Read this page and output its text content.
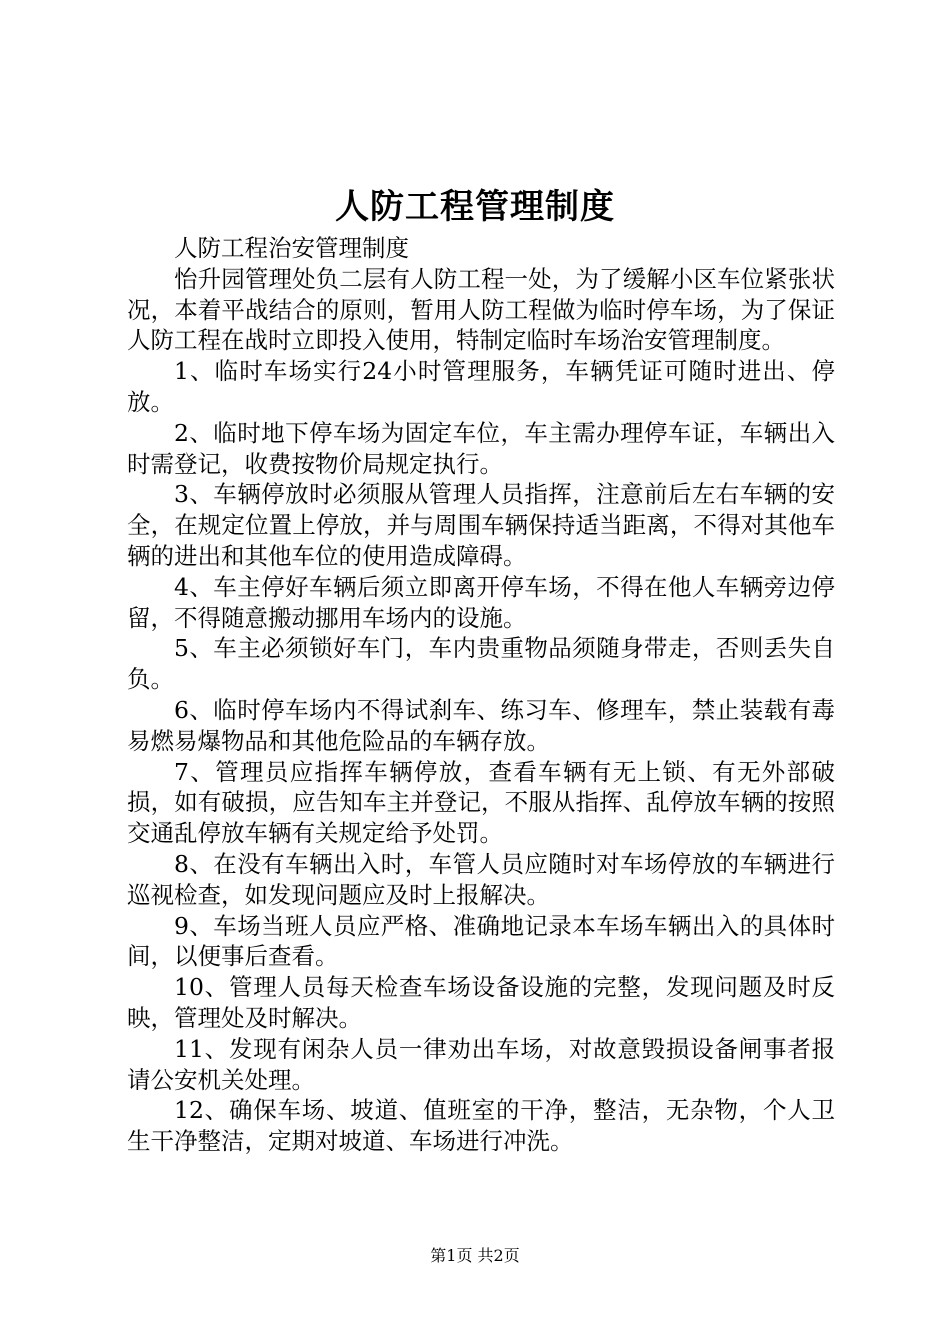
人防工程管理制度

人防工程治安管理制度

怡升园管理处负二层有人防工程一处，为了缓解小区车位紧张状况，本着平战结合的原则，暂用人防工程做为临时停车场，为了保证人防工程在战时立即投入使用，特制定临时车场治安管理制度。

1、临时车场实行24小时管理服务，车辆凭证可随时进出、停放。

2、临时地下停车场为固定车位，车主需办理停车证，车辆出入时需登记，收费按物价局规定执行。

3、车辆停放时必须服从管理人员指挥，注意前后左右车辆的安全，在规定位置上停放，并与周围车辆保持适当距离，不得对其他车辆的进出和其他车位的使用造成障碍。

4、车主停好车辆后须立即离开停车场，不得在他人车辆旁边停留，不得随意搬动挪用车场内的设施。

5、车主必须锁好车门，车内贵重物品须随身带走，否则丢失自负。

6、临时停车场内不得试刹车、练习车、修理车，禁止装载有毒易燃易爆物品和其他危险品的车辆存放。

7、管理员应指挥车辆停放，查看车辆有无上锁、有无外部破损，如有破损，应告知车主并登记，不服从指挥、乱停放车辆的按照交通乱停放车辆有关规定给予处罚。

8、在没有车辆出入时，车管人员应随时对车场停放的车辆进行巡视检查，如发现问题应及时上报解决。

9、车场当班人员应严格、准确地记录本车场车辆出入的具体时间，以便事后查看。

10、管理人员每天检查车场设备设施的完整，发现问题及时反映，管理处及时解决。

11、发现有闲杂人员一律劝出车场，对故意毁损设备闸事者报请公安机关处理。

12、确保车场、坡道、值班室的干净，整洁，无杂物，个人卫生干净整洁，定期对坡道、车场进行冲洗。

第1页 共2页
